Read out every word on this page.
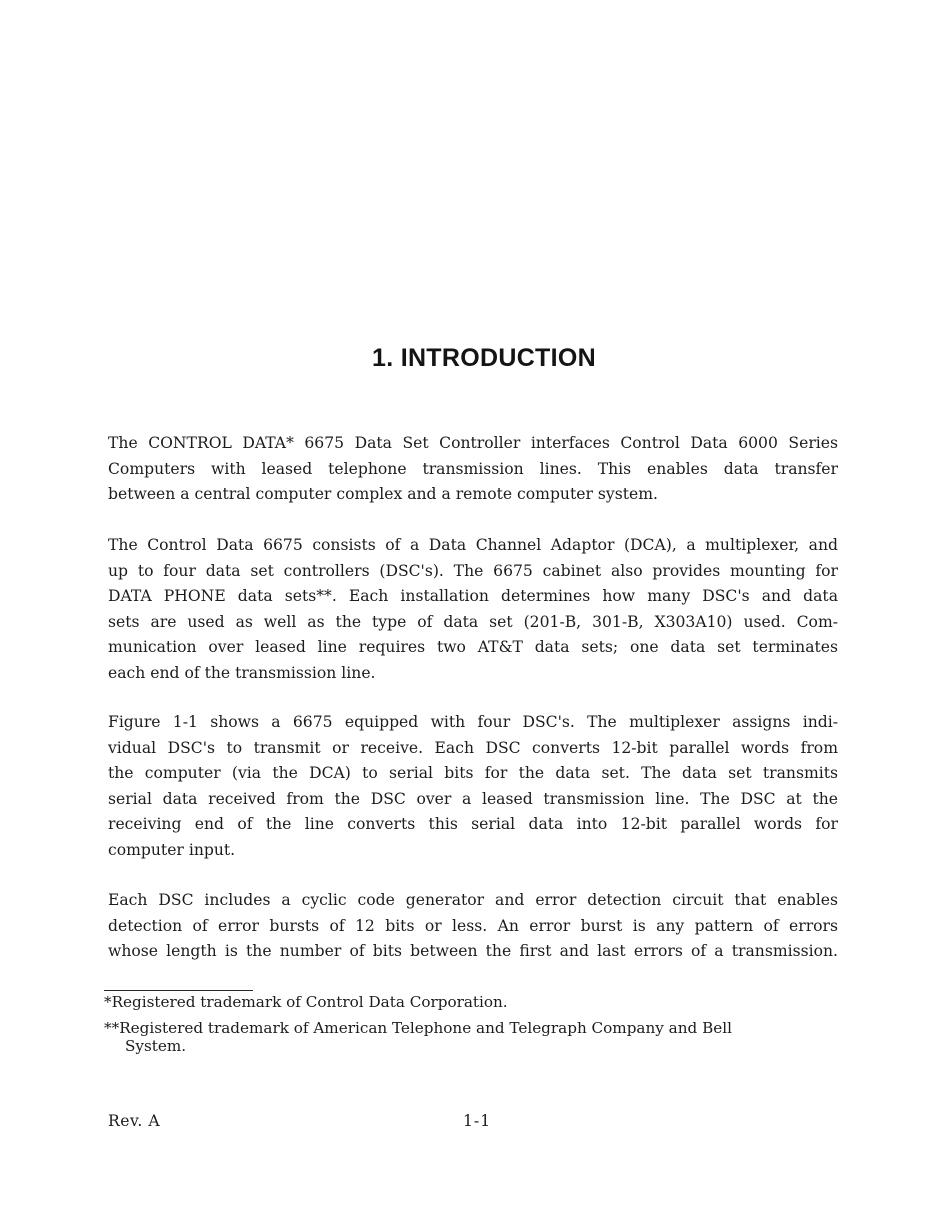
1. INTRODUCTION

The CONTROL DATA* 6675 Data Set Controller interfaces Control Data 6000 Series
Computers with leased telephone transmission lines. This enables data transfer
between a central computer complex and a remote computer system.

The Control Data 6675 consists of a Data Channel Adaptor (DCA), a multiplexer, and
up to four data set controllers (DSC's). The 6675 cabinet also provides mounting for
DATA PHONE data sets**. Each installation determines how many DSC's and data
sets are used as well as the type of data set (201-B, 301-B, X303A10) used. Com-
munication over leased line requires two AT&T data sets; one data set terminates
each end of the transmission line.

Figure 1-1 shows a 6675 equipped with four DSC's. The multiplexer assigns indi-
vidual DSC's to transmit or receive. Each DSC converts 12-bit parallel words from
the computer (via the DCA) to serial bits for the data set. The data set transmits
serial data received from the DSC over a leased transmission line. The DSC at the
receiving end of the line converts this serial data into 12-bit parallel words for
computer input.

Each DSC includes a cyclic code generator and error detection circuit that enables
detection of error bursts of 12 bits or less. An error burst is any pattern of errors
whose length is the number of bits between the first and last errors of a transmission.

*Registered trademark of Control Data Corporation.

**Registered trademark of American Telephone and Telegraph Company and Bell
System.

Rev. A	1-1
